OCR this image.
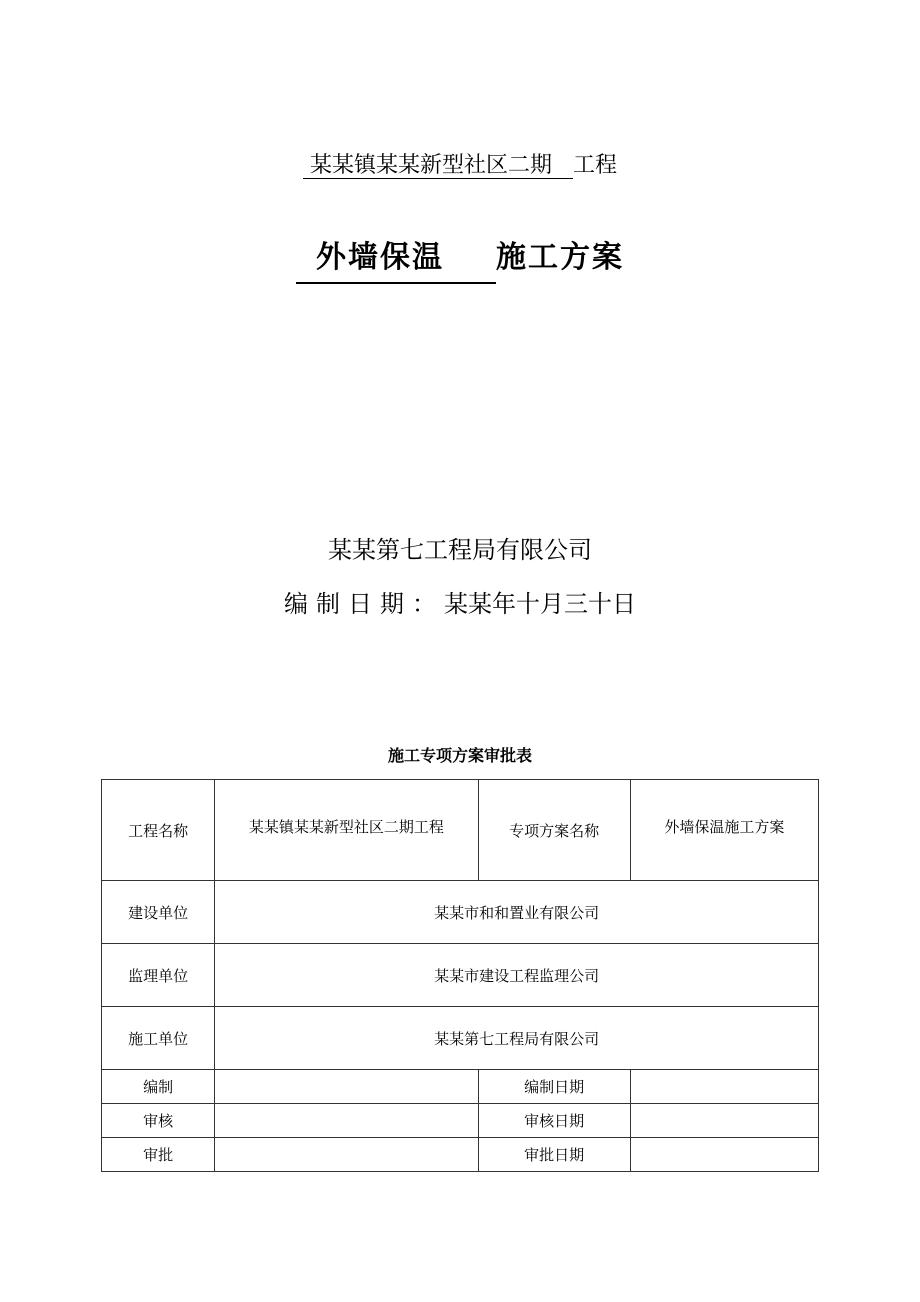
某某镇某某新型社区二期 工程
外墙保温 施工方案
某某第七工程局有限公司
编制日期：某某年十月三十日
施工专项方案审批表
工程名称	某某镇某某新型社区二期工程	专项方案名称	外墙保温施工方案
建设单位	某某市和和置业有限公司		
监理单位	某某市建设工程监理公司		
施工单位	某某第七工程局有限公司		
编制		编制日期	
审核		审核日期	
审批		审批日期	
